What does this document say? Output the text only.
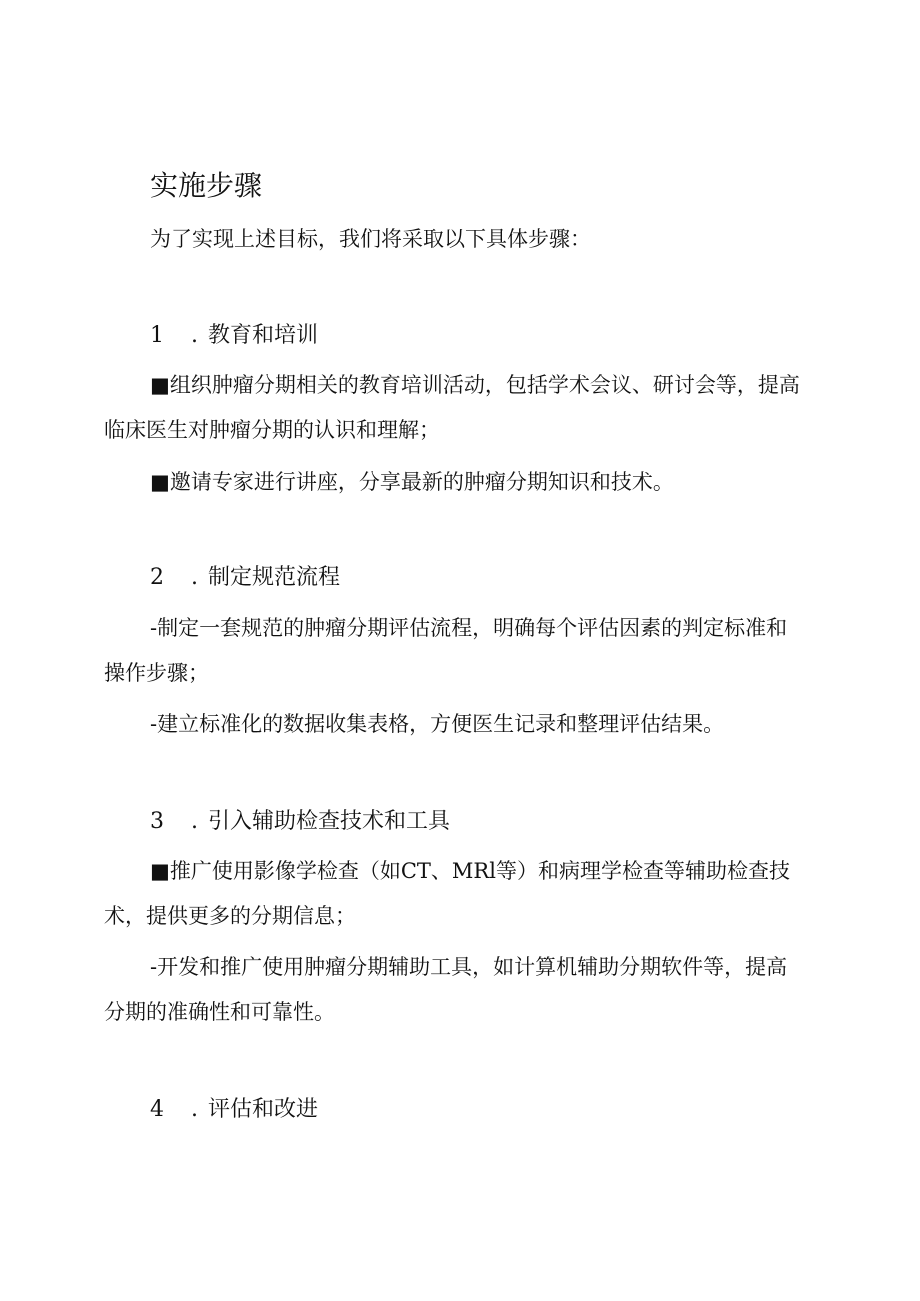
实施步骤

为了实现上述目标，我们将采取以下具体步骤：

1 .教育和培训

■组织肿瘤分期相关的教育培训活动，包括学术会议、研讨会等，提高临床医生对肿瘤分期的认识和理解；

■邀请专家进行讲座，分享最新的肿瘤分期知识和技术。

2 .制定规范流程

-制定一套规范的肿瘤分期评估流程，明确每个评估因素的判定标准和操作步骤；

-建立标准化的数据收集表格，方便医生记录和整理评估结果。

3 .引入辅助检查技术和工具

■推广使用影像学检查（如CT、MRl等）和病理学检查等辅助检查技术，提供更多的分期信息；

-开发和推广使用肿瘤分期辅助工具，如计算机辅助分期软件等，提高分期的准确性和可靠性。

4 .评估和改进
